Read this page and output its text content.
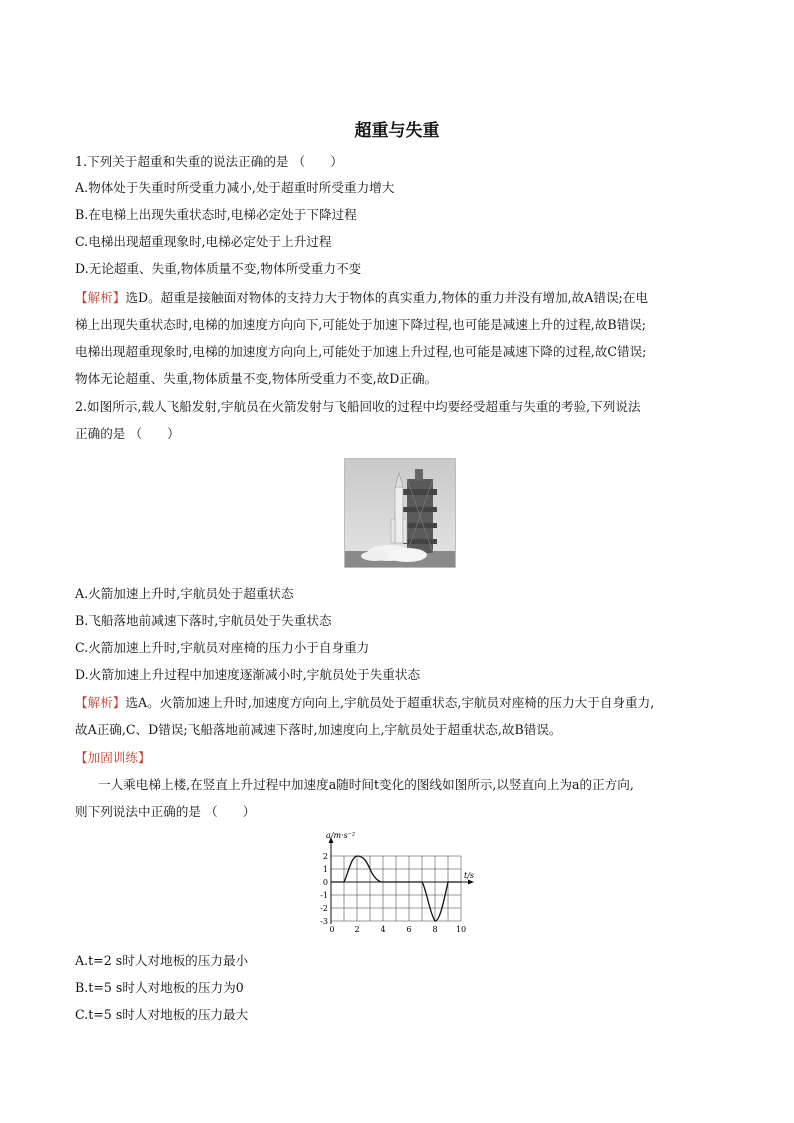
超重与失重
1.下列关于超重和失重的说法正确的是 （　　）
A.物体处于失重时所受重力减小,处于超重时所受重力增大
B.在电梯上出现失重状态时,电梯必定处于下降过程
C.电梯出现超重现象时,电梯必定处于上升过程
D.无论超重、失重,物体质量不变,物体所受重力不变
【解析】选D。超重是接触面对物体的支持力大于物体的真实重力,物体的重力并没有增加,故A错误;在电
梯上出现失重状态时,电梯的加速度方向向下,可能处于加速下降过程,也可能是减速上升的过程,故B错误;
电梯出现超重现象时,电梯的加速度方向向上,可能处于加速上升过程,也可能是减速下降的过程,故C错误;
物体无论超重、失重,物体质量不变,物体所受重力不变,故D正确。
2.如图所示,载人飞船发射,宇航员在火箭发射与飞船回收的过程中均要经受超重与失重的考验,下列说法
正确的是 （　　）
A.火箭加速上升时,宇航员处于超重状态
B.飞船落地前减速下落时,宇航员处于失重状态
C.火箭加速上升时,宇航员对座椅的压力小于自身重力
D.火箭加速上升过程中加速度逐渐减小时,宇航员处于失重状态
【解析】选A。火箭加速上升时,加速度方向向上,宇航员处于超重状态,宇航员对座椅的压力大于自身重力,
故A正确,C、D错误;飞船落地前减速下落时,加速度向上,宇航员处于超重状态,故B错误。
【加固训练】
一人乘电梯上楼,在竖直上升过程中加速度a随时间t变化的图线如图所示,以竖直向上为a的正方向,
则下列说法中正确的是 （　　）
a/m·s⁻²
t/s
2
1
0
-1
-2
-3
0 2	4	6	8 10
A.t=2 s时人对地板的压力最小
B.t=5 s时人对地板的压力为0
C.t=5 s时人对地板的压力最大
